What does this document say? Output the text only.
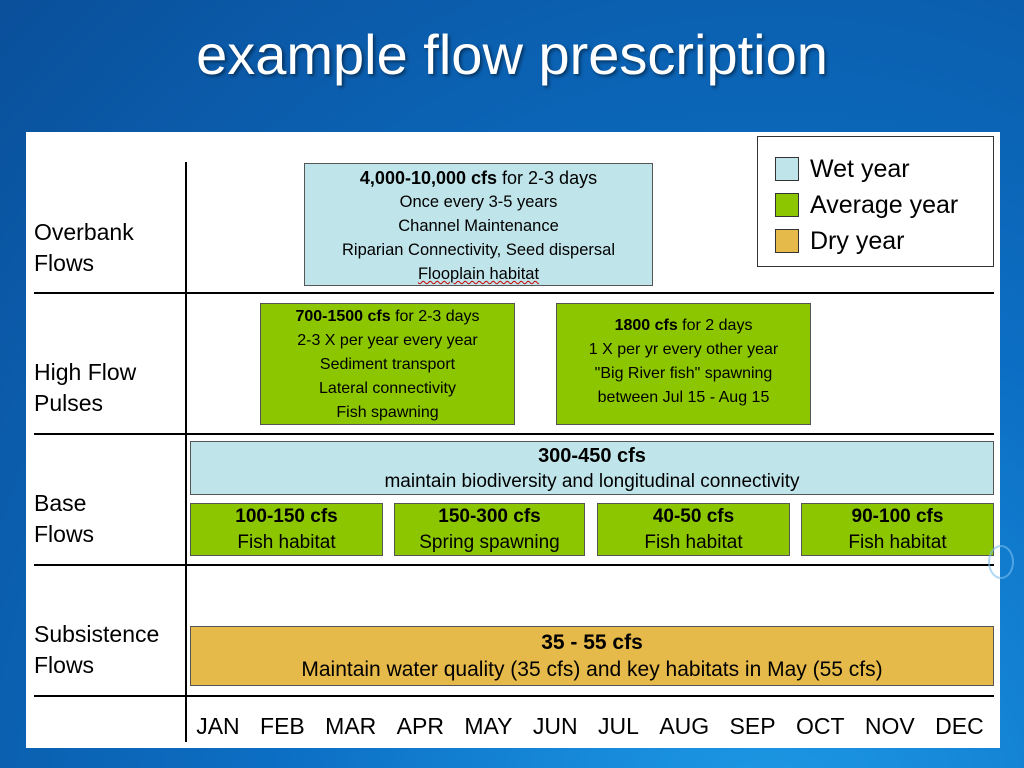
example flow prescription
Overbank
Flows
High Flow
Pulses
Base
Flows
Subsistence
Flows
4,000-10,000 cfs for 2-3 days
Once every 3-5 years
Channel Maintenance
Riparian Connectivity, Seed dispersal
Flooplain habitat
700-1500 cfs for 2-3 days
2-3 X per year every year
Sediment transport
Lateral connectivity
Fish spawning
1800 cfs for 2 days
1 X per yr every other year
"Big River fish" spawning
between Jul 15 - Aug 15
300-450 cfs
maintain biodiversity and longitudinal connectivity
100-150 cfs
Fish habitat
150-300 cfs
Spring spawning
40-50 cfs
Fish habitat
90-100 cfs
Fish habitat
35 - 55 cfs
Maintain water quality (35 cfs) and key habitats in May (55 cfs)
JAN FEB MAR APR MAY JUN JUL AUG SEP OCT NOV DEC
Wet year
Average year
Dry year
